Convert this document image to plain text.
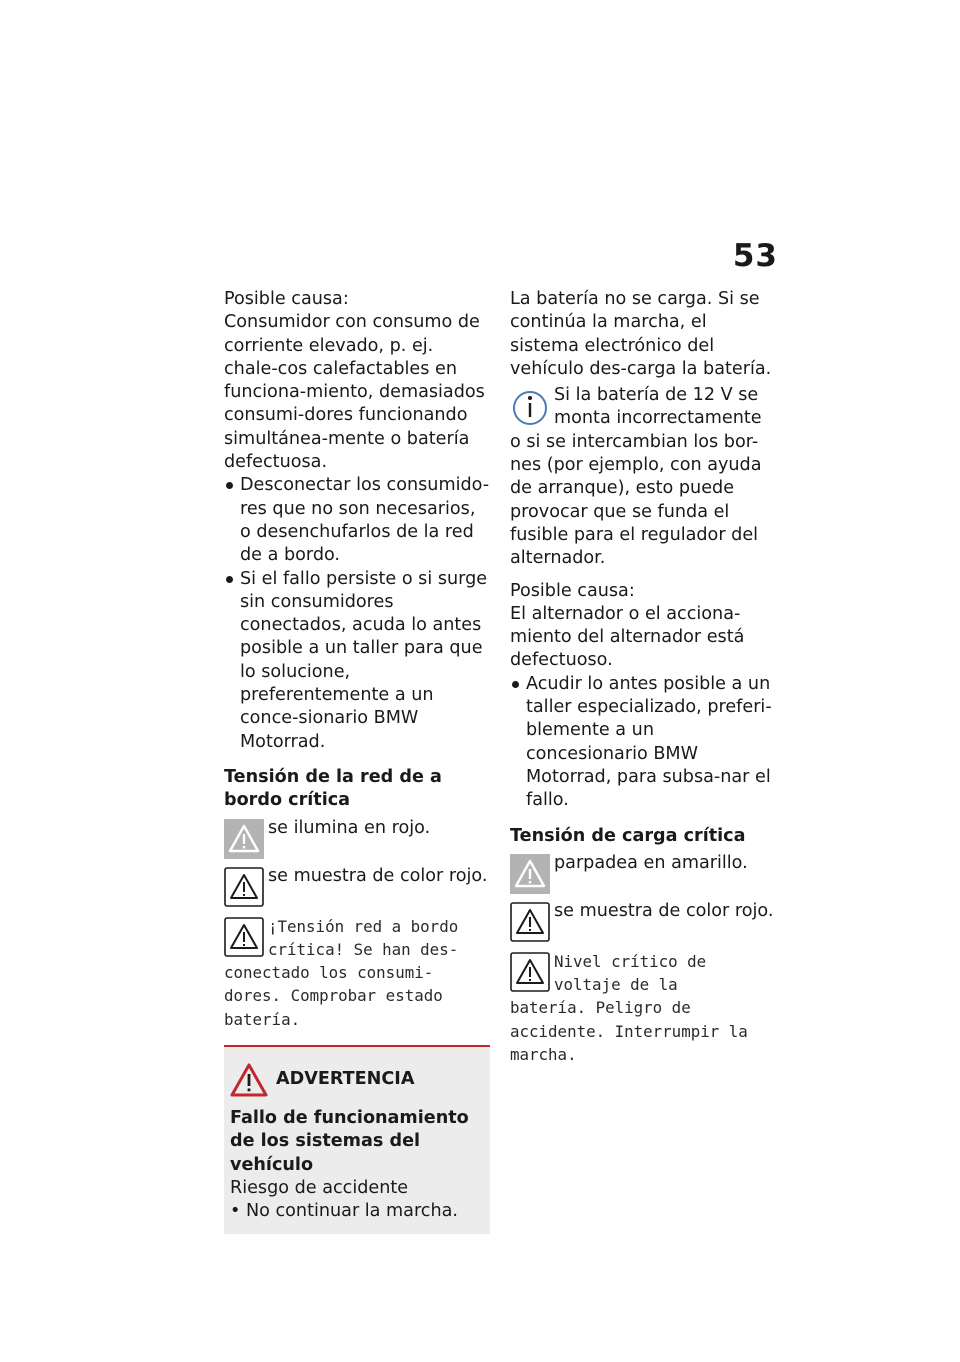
53

Posible causa:

Consumidor con consumo de corriente elevado, p. ej. chale-cos calefactables en funciona-miento, demasiados consumi-dores funcionando simultánea-mente o batería defectuosa.

Desconectar los consumido-res que no son necesarios, o desenchufarlos de la red de a bordo.
Si el fallo persiste o si surge sin consumidores conectados, acuda lo antes posible a un taller para que lo solucione, preferentemente a un conce-sionario BMW Motorrad.
Tensión de la red de a bordo crítica
se ilumina en rojo.
se muestra de color rojo.
¡Tensión red a bordo crítica! Se han des-
conectado los consumi-dores. Comprobar estado batería.
ADVERTENCIA

Fallo de funcionamiento de los sistemas del vehículo

Riesgo de accidente

• No continuar la marcha.

La batería no se carga. Si se continúa la marcha, el sistema electrónico del vehículo des-carga la batería.

Si la batería de 12 V se monta incorrectamente

o si se intercambian los bor-nes (por ejemplo, con ayuda de arranque), esto puede provocar que se funda el fusible para el regulador del alternador.

Posible causa:

El alternador o el acciona-miento del alternador está defectuoso.

Acudir lo antes posible a un taller especializado, preferi-blemente a un concesionario BMW Motorrad, para subsa-nar el fallo.
Tensión de carga crítica
parpadea en amarillo.
se muestra de color rojo.
Nivel crítico de voltaje de la
batería. Peligro de accidente. Interrumpir la marcha.
